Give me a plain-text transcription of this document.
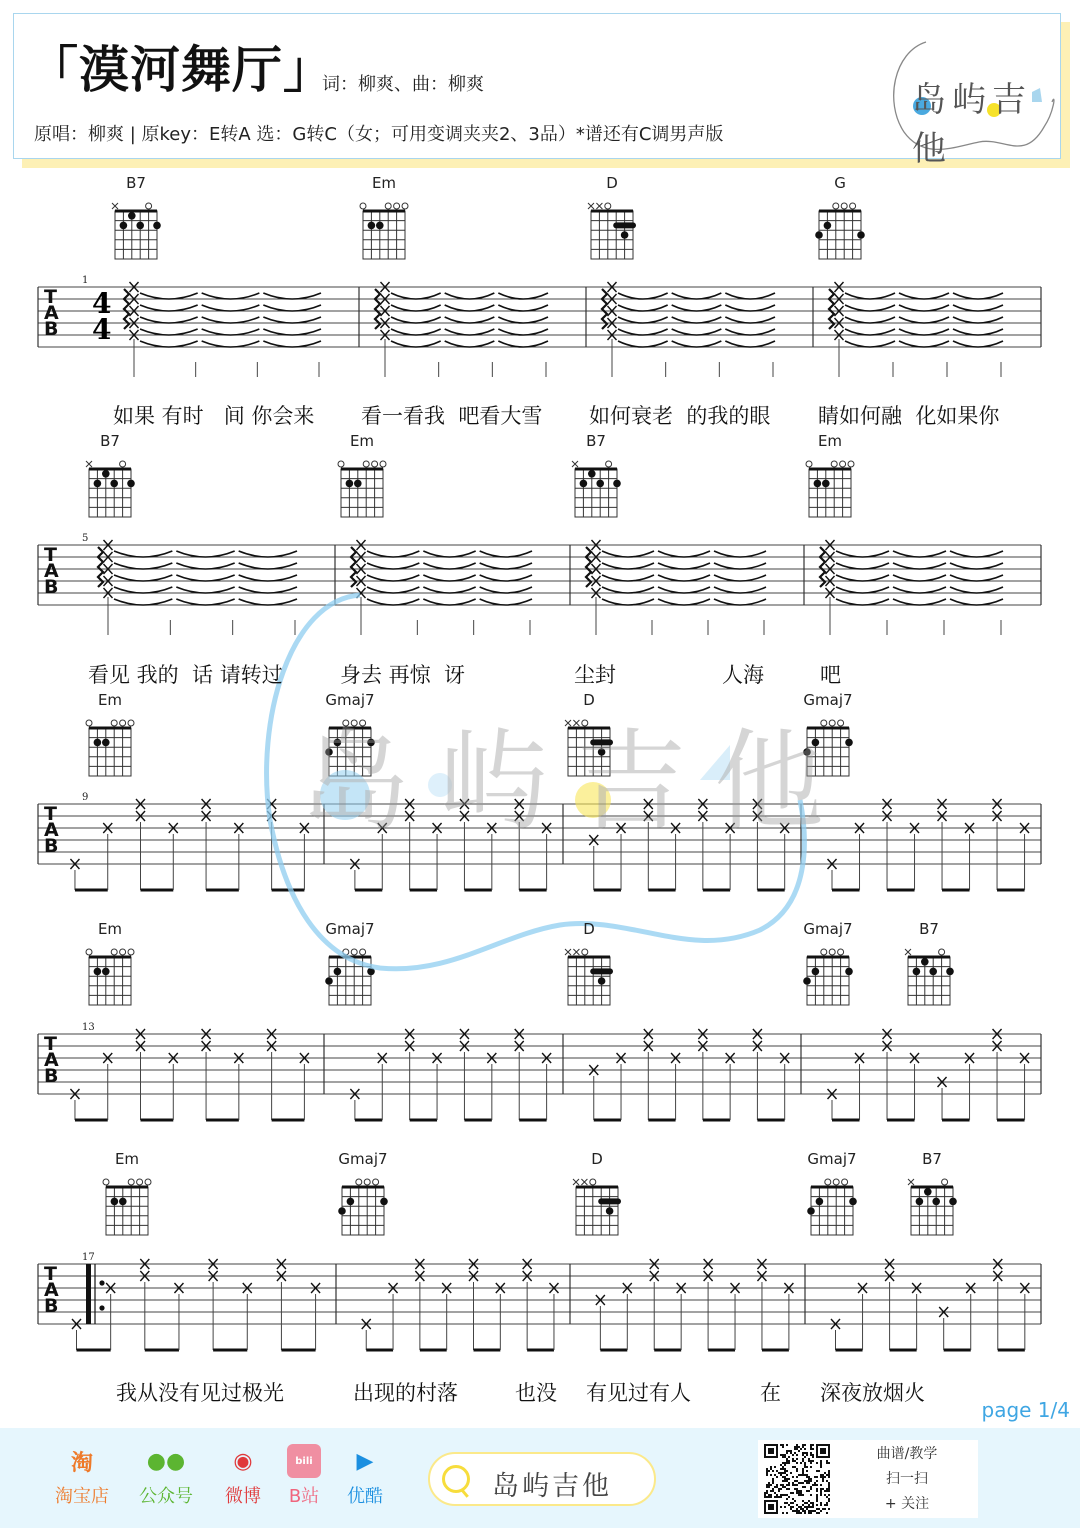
「漠河舞厅」
词：柳爽、曲：柳爽
原唱：柳爽 | 原key：E转A 选：G转C（女；可用变调夹夹2、3品）*谱还有C调男声版
岛屿吉他
T
A
B
1
4
4
T
A
B
5
T
A
B
9
T
A
B
13
T
A
B
17
岛屿吉他
B7	Em	D	G
如果 有时   间 你会来 看一看我  吧看大雪 如何衰老  的我的眼 睛如何融  化如果你
B7	Em	B7	Em
看见 我的  话 请转过	身去 再惊  讶	尘封	人海	吧
Em	Gmaj7	D	Gmaj7
Em	Gmaj7	D	Gmaj7	B7
Em	Gmaj7	D	Gmaj7	B7
我从没有见过极光	出现的村落	也没 有见过有人	在 深夜放烟火
page 1/4
淘
淘宝店
●●
公众号
◉
微博
bili
B站
▶
优酷	岛屿吉他
曲谱/教学
扫一扫
+ 关注
